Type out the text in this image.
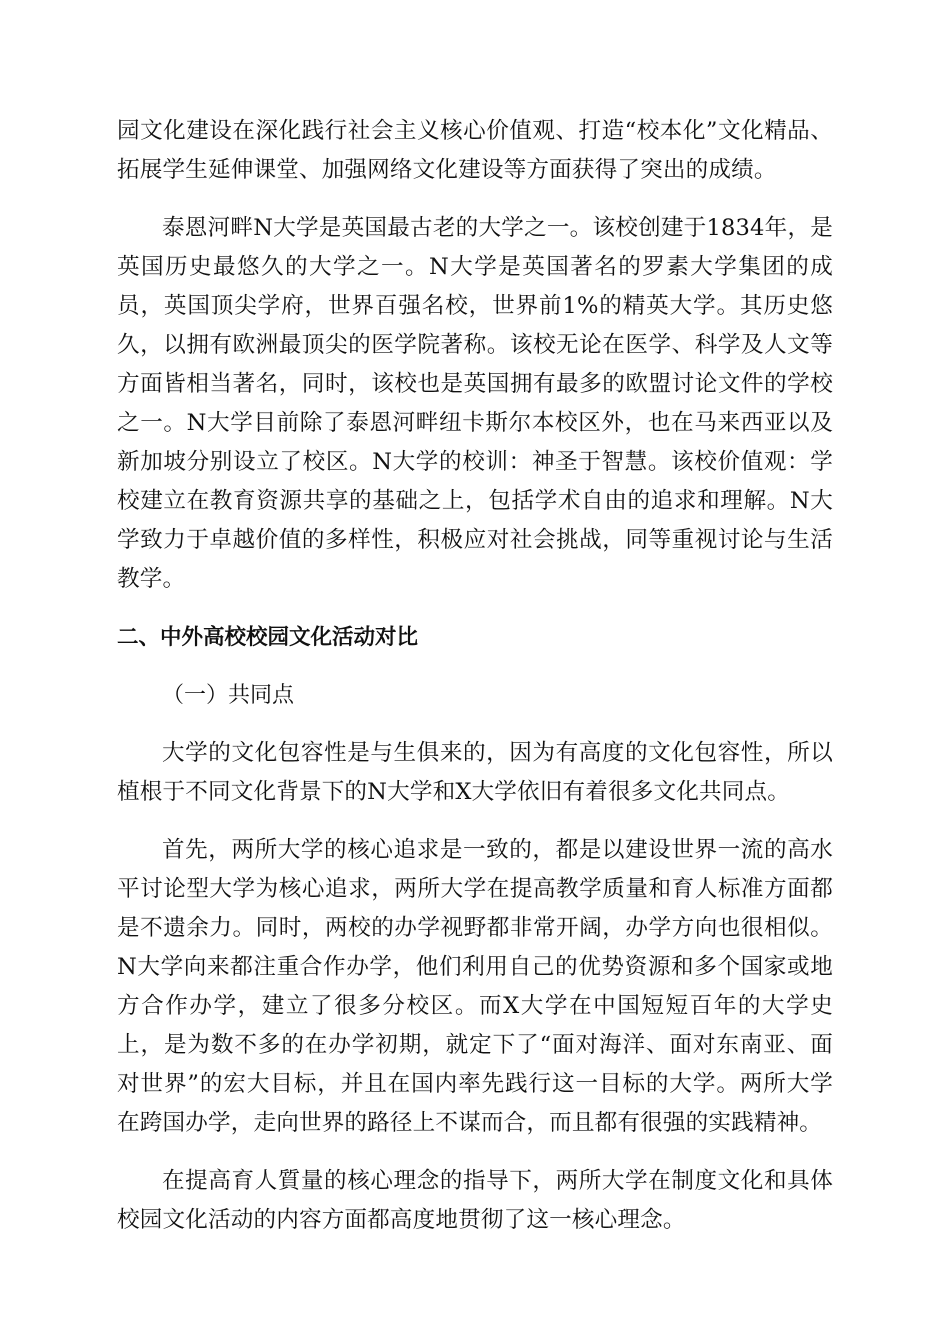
园文化建设在深化践行社会主义核心价值观、打造“校本化”文化精品、拓展学生延伸课堂、加强网络文化建设等方面获得了突出的成绩。

泰恩河畔N大学是英国最古老的大学之一。该校创建于1834年，是英国历史最悠久的大学之一。N大学是英国著名的罗素大学集团的成员，英国顶尖学府，世界百强名校，世界前1%的精英大学。其历史悠久，以拥有欧洲最顶尖的医学院著称。该校无论在医学、科学及人文等方面皆相当著名，同时，该校也是英国拥有最多的欧盟讨论文件的学校之一。N大学目前除了泰恩河畔纽卡斯尔本校区外，也在马来西亚以及新加坡分别设立了校区。N大学的校训：神圣于智慧。该校价值观：学校建立在教育资源共享的基础之上，包括学术自由的追求和理解。N大学致力于卓越价值的多样性，积极应对社会挑战，同等重视讨论与生活教学。

二、中外高校校园文化活动对比
（一）共同点

大学的文化包容性是与生俱来的，因为有高度的文化包容性，所以植根于不同文化背景下的N大学和X大学依旧有着很多文化共同点。

首先，两所大学的核心追求是一致的，都是以建设世界一流的高水平讨论型大学为核心追求，两所大学在提高教学质量和育人标准方面都是不遗余力。同时，两校的办学视野都非常开阔，办学方向也很相似。N大学向来都注重合作办学，他们利用自己的优势资源和多个国家或地方合作办学，建立了很多分校区。而X大学在中国短短百年的大学史上，是为数不多的在办学初期，就定下了“面对海洋、面对东南亚、面对世界”的宏大目标，并且在国内率先践行这一目标的大学。两所大学在跨国办学，走向世界的路径上不谋而合，而且都有很强的实践精神。

在提高育人質量的核心理念的指导下，两所大学在制度文化和具体校园文化活动的内容方面都高度地贯彻了这一核心理念。
